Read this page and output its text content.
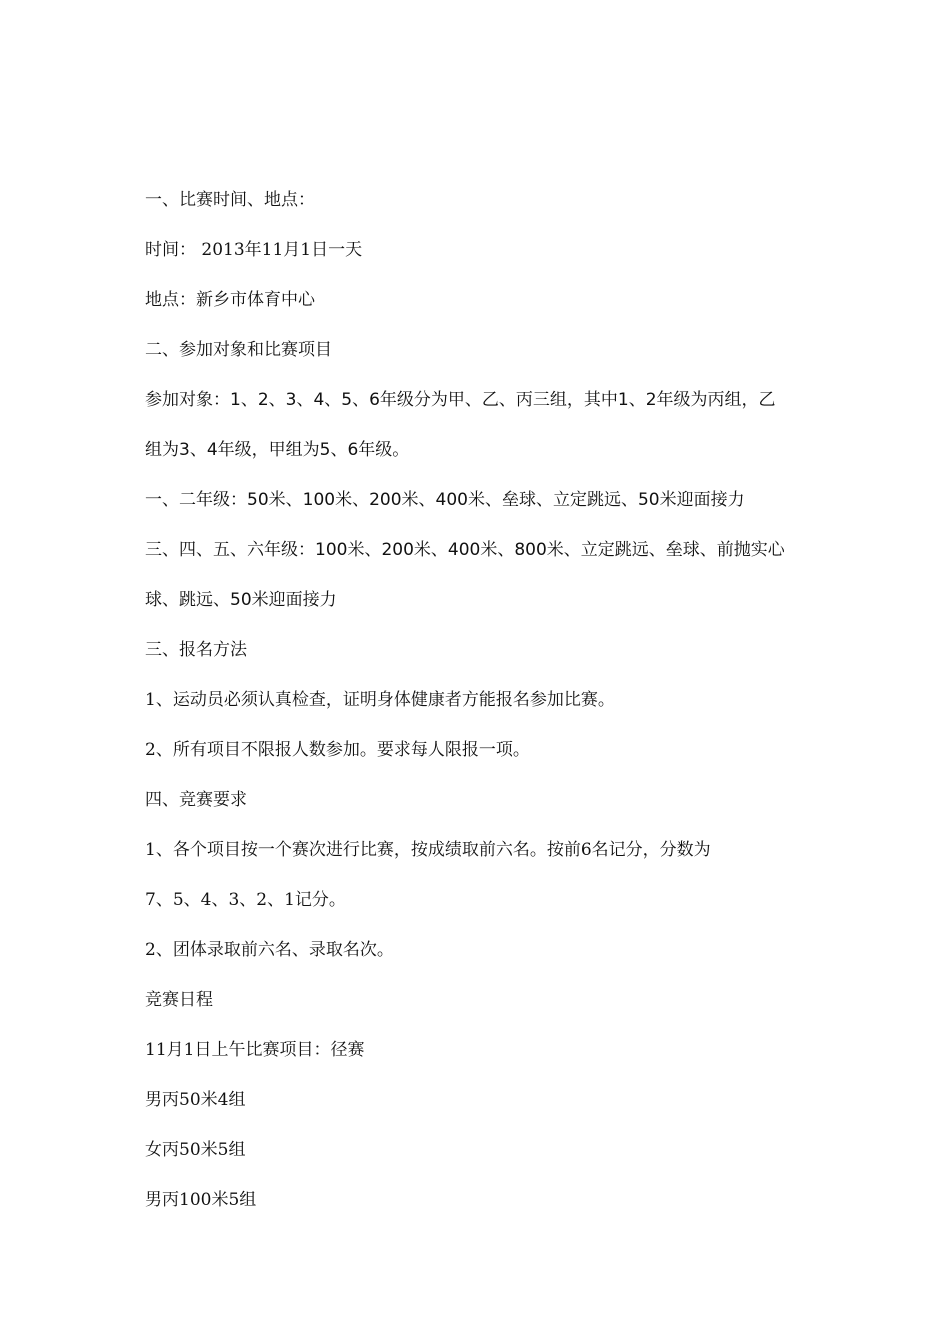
一、比赛时间、地点：
时间： 2013年11月1日一天
地点：新乡市体育中心
二、参加对象和比赛项目
参加对象：1、2、3、4、5、6年级分为甲、乙、丙三组，其中1、2年级为丙组，乙
组为3、4年级，甲组为5、6年级。
一、二年级：50米、100米、200米、400米、垒球、立定跳远、50米迎面接力
三、四、五、六年级：100米、200米、400米、800米、立定跳远、垒球、前抛实心
球、跳远、50米迎面接力
三、报名方法
1、运动员必须认真检查，证明身体健康者方能报名参加比赛。
2、所有项目不限报人数参加。要求每人限报一项。
四、竞赛要求
1、各个项目按一个赛次进行比赛，按成绩取前六名。按前6名记分，分数为
7、5、4、3、2、1记分。
2、团体录取前六名、录取名次。
竞赛日程
11月1日上午比赛项目：径赛
男丙50米4组
女丙50米5组
男丙100米5组
